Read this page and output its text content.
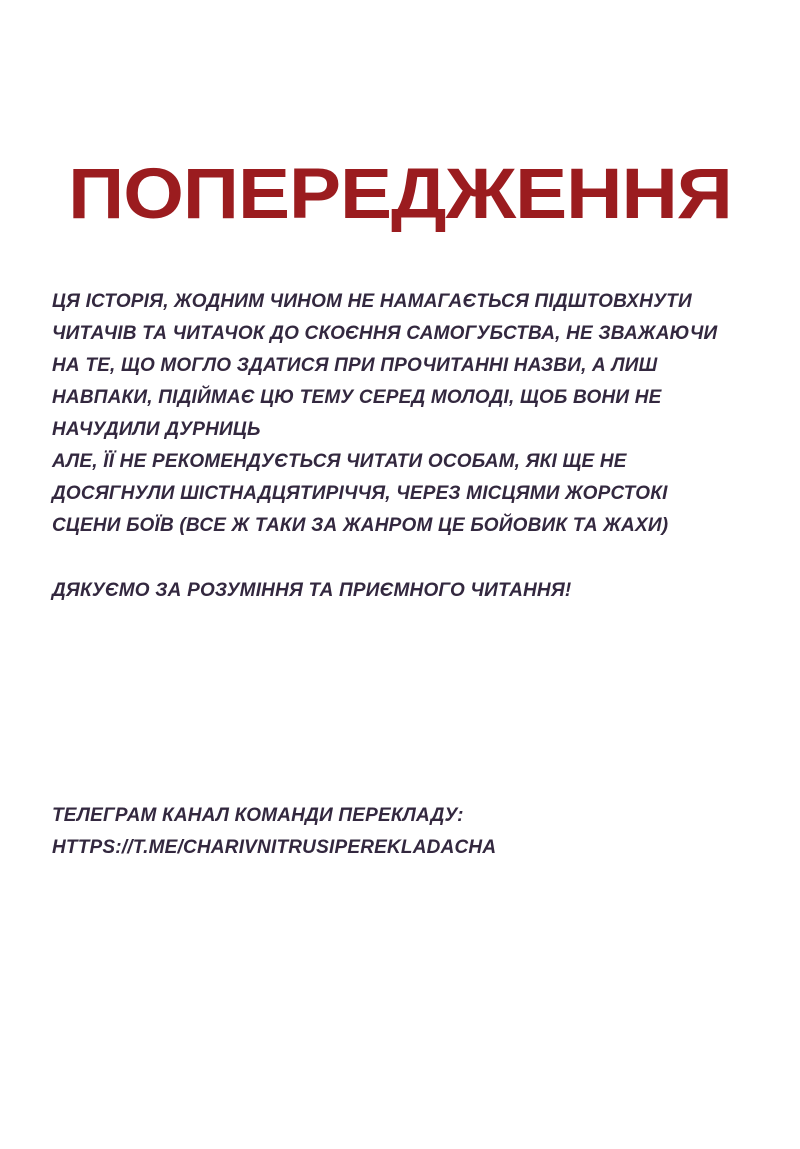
ПОПЕРЕДЖЕННЯ
ЦЯ ІСТОРІЯ, ЖОДНИМ ЧИНОМ НЕ НАМАГАЄТЬСЯ ПІДШТОВХНУТИ
ЧИТАЧІВ ТА ЧИТАЧОК ДО СКОЄННЯ САМОГУБСТВА, НЕ ЗВАЖАЮЧИ
НА ТЕ, ЩО МОГЛО ЗДАТИСЯ ПРИ ПРОЧИТАННІ НАЗВИ, А ЛИШ
НАВПАКИ, ПІДІЙМАЄ ЦЮ ТЕМУ СЕРЕД МОЛОДІ, ЩОБ ВОНИ НЕ
НАЧУДИЛИ ДУРНИЦЬ
АЛЕ, ЇЇ НЕ РЕКОМЕНДУЄТЬСЯ ЧИТАТИ ОСОБАМ, ЯКІ ЩЕ НЕ
ДОСЯГНУЛИ ШІСТНАДЦЯТИРІЧЧЯ, ЧЕРЕЗ МІСЦЯМИ ЖОРСТОКІ
СЦЕНИ БОЇВ (ВСЕ Ж ТАКИ ЗА ЖАНРОМ ЦЕ БОЙОВИК ТА ЖАХИ)
ДЯКУЄМО ЗА РОЗУМІННЯ ТА ПРИЄМНОГО ЧИТАННЯ!
ТЕЛЕГРАМ КАНАЛ КОМАНДИ ПЕРЕКЛАДУ:
HTTPS://T.ME/CHARIVNITRUSIPEREKLADACHA
